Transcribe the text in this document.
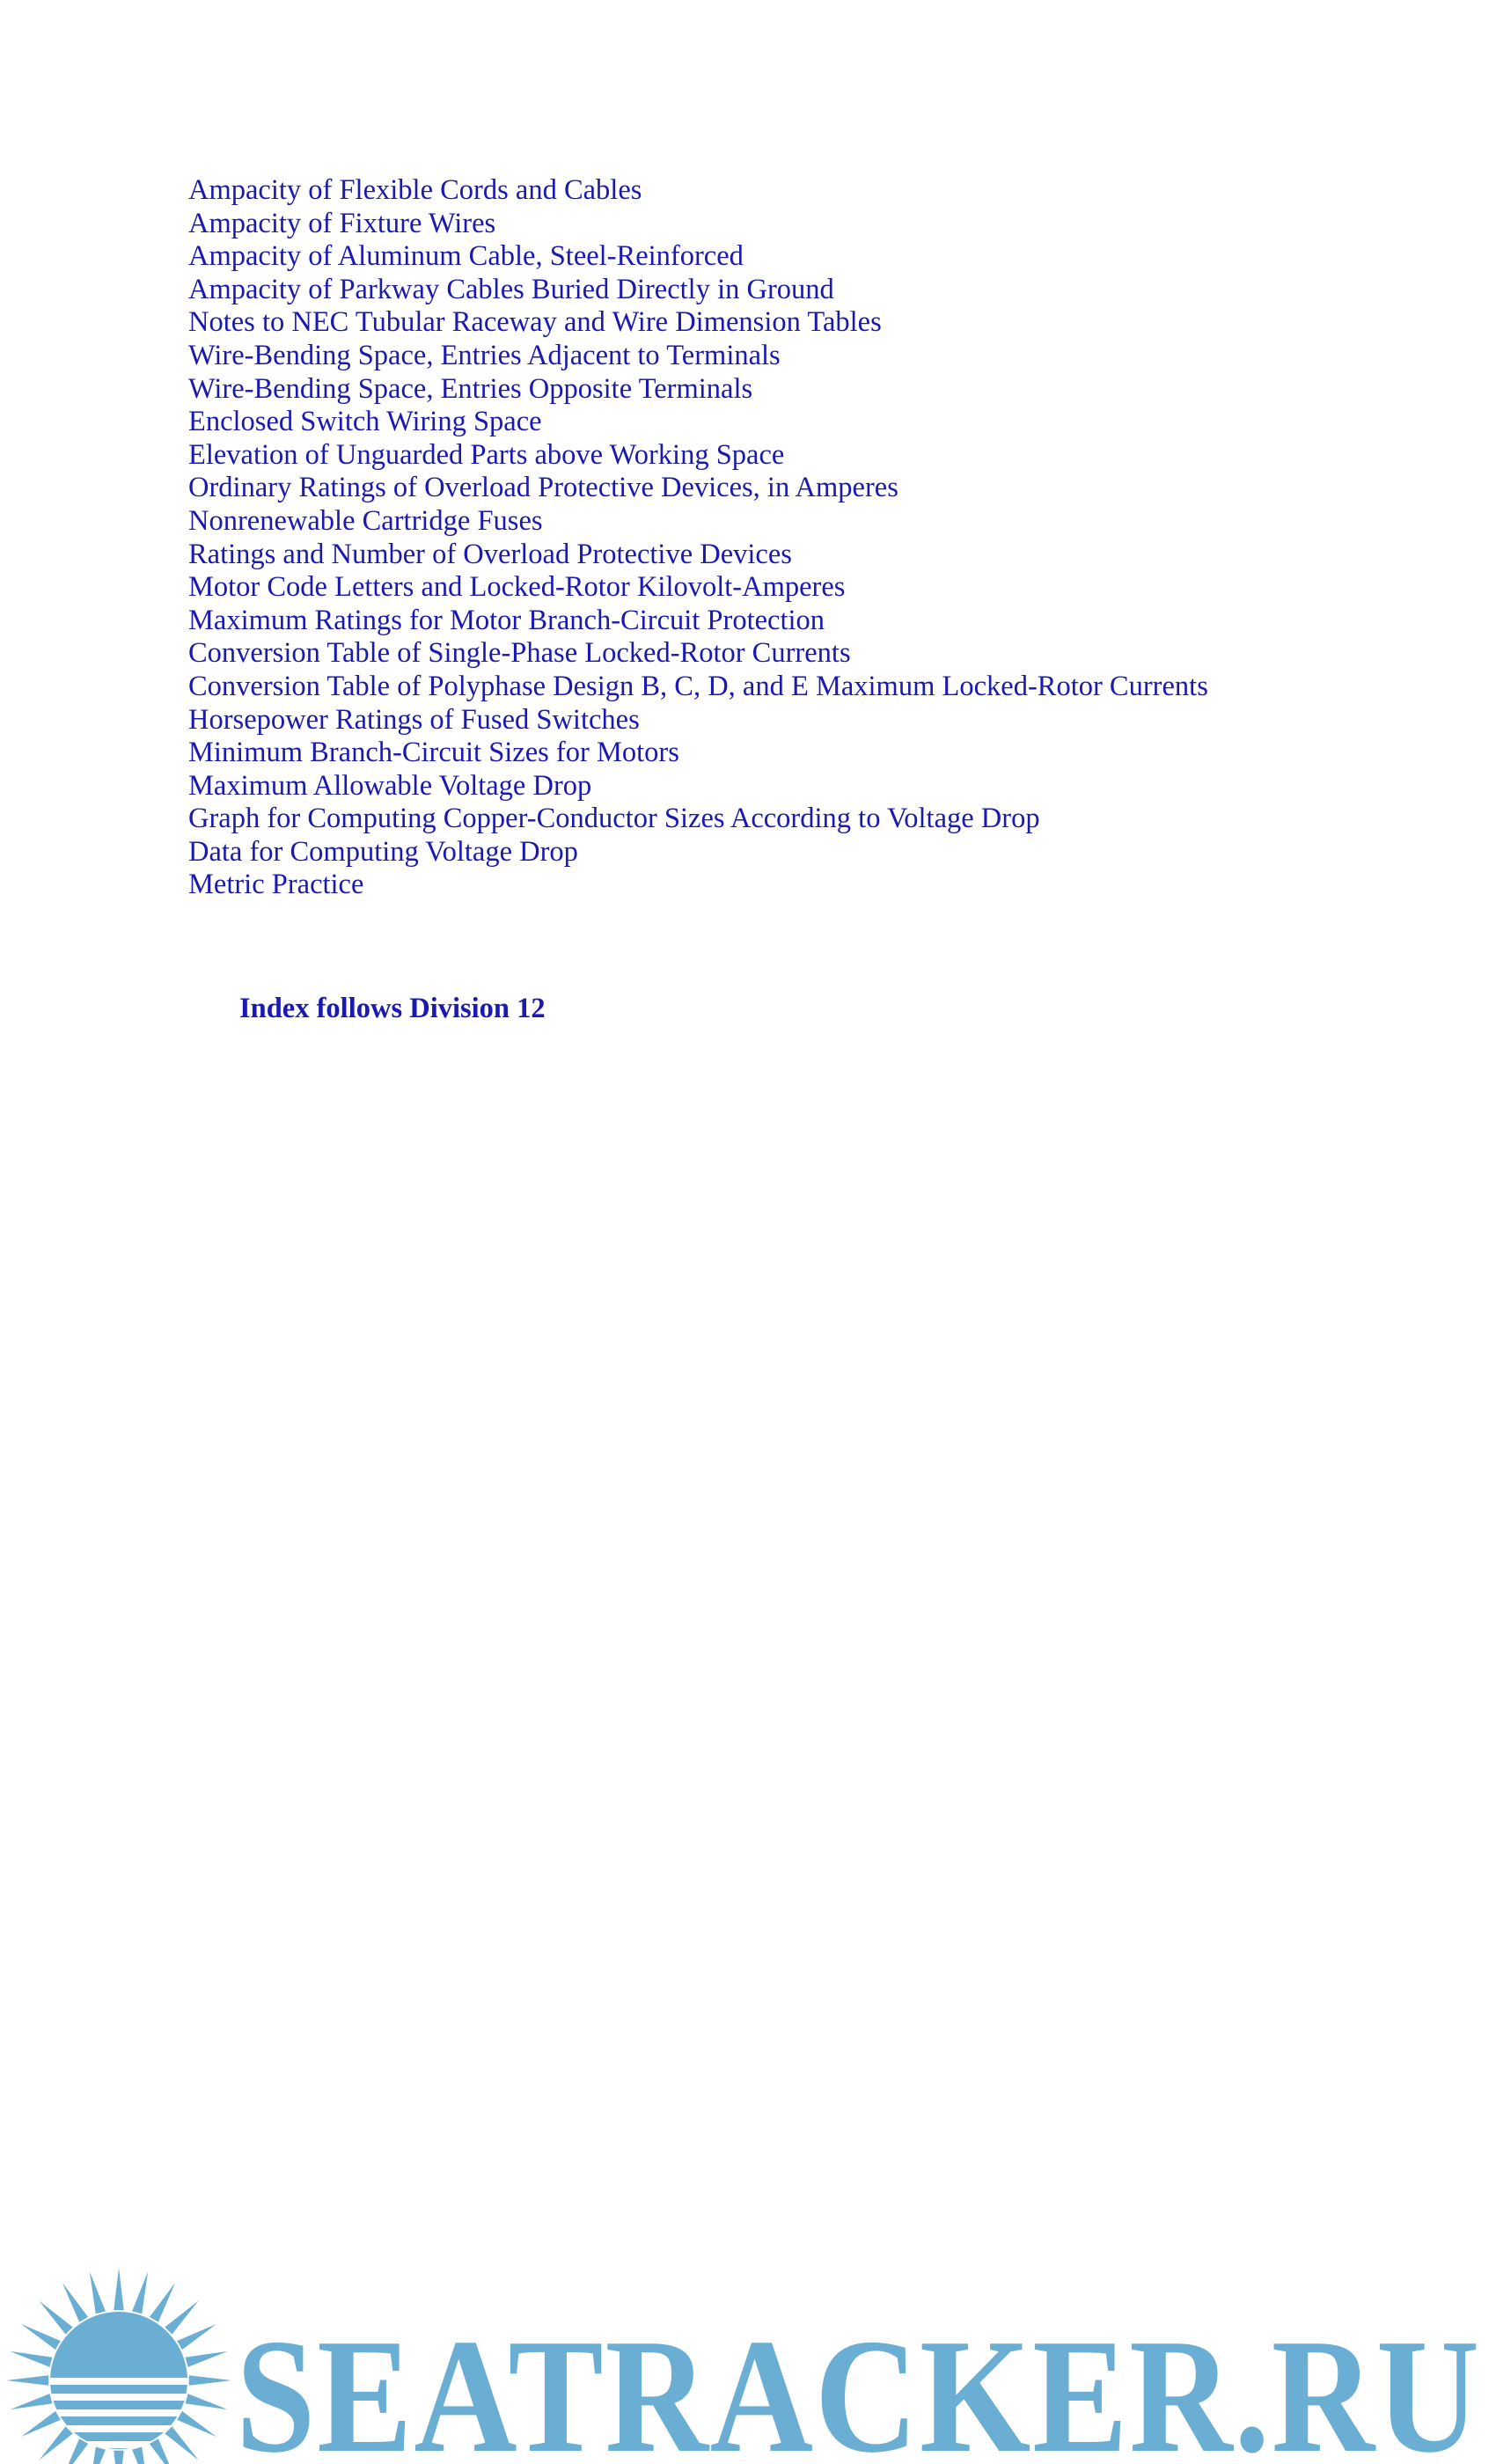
Ampacity of Flexible Cords and Cables
Ampacity of Fixture Wires
Ampacity of Aluminum Cable, Steel-Reinforced
Ampacity of Parkway Cables Buried Directly in Ground
Notes to NEC Tubular Raceway and Wire Dimension Tables
Wire-Bending Space, Entries Adjacent to Terminals
Wire-Bending Space, Entries Opposite Terminals
Enclosed Switch Wiring Space
Elevation of Unguarded Parts above Working Space
Ordinary Ratings of Overload Protective Devices, in Amperes
Nonrenewable Cartridge Fuses
Ratings and Number of Overload Protective Devices
Motor Code Letters and Locked-Rotor Kilovolt-Amperes
Maximum Ratings for Motor Branch-Circuit Protection
Conversion Table of Single-Phase Locked-Rotor Currents
Conversion Table of Polyphase Design B, C, D, and E Maximum Locked-Rotor Currents
Horsepower Ratings of Fused Switches
Minimum Branch-Circuit Sizes for Motors
Maximum Allowable Voltage Drop
Graph for Computing Copper-Conductor Sizes According to Voltage Drop
Data for Computing Voltage Drop
Metric Practice
Index follows Division 12
SEATRACKER.RU
